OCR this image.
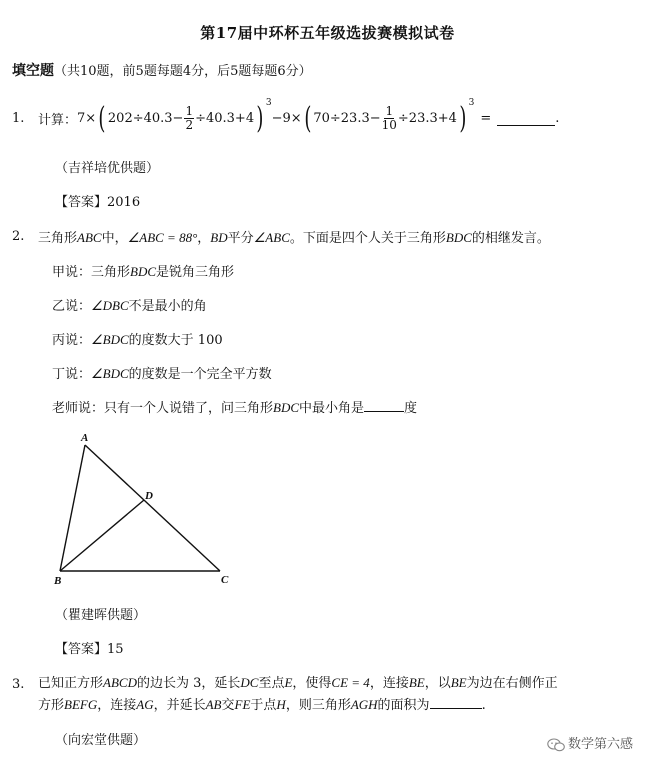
第17届中环杯五年级选拔赛模拟试卷
填空题（共10题，前5题每题4分，后5题每题6分）
1. 计算： 7× ( $202\div 40.3- \frac{1}{2} \div 40.3+4$ ) $^3$
−9× ( $70\div 23.3- \frac{1}{10} \div 23.3+4$ ) $^3$
=	.
（吉祥培优供题）
【答案】2016
2. 三角形ABC中，∠ABC = 88°，BD平分∠ABC。下面是四个人关于三角形BDC的相继发言。
甲说：三角形BDC是锐角三角形
乙说：∠DBC不是最小的角
丙说：∠BDC的度数大于 100
丁说：∠BDC的度数是一个完全平方数
老师说：只有一个人说错了，问三角形BDC中最小角是	度
A
B	C
D
（瞿建晖供题）
【答案】15
3. 已知正方形ABCD的边长为 3，延长DC至点E，使得CE = 4，连接BE，以BE为边在右侧作正
方形BEFG，连接AG，并延长AB交FE于点H，则三角形AGH的面积为	.
（向宏堂供题）	数学第六感
